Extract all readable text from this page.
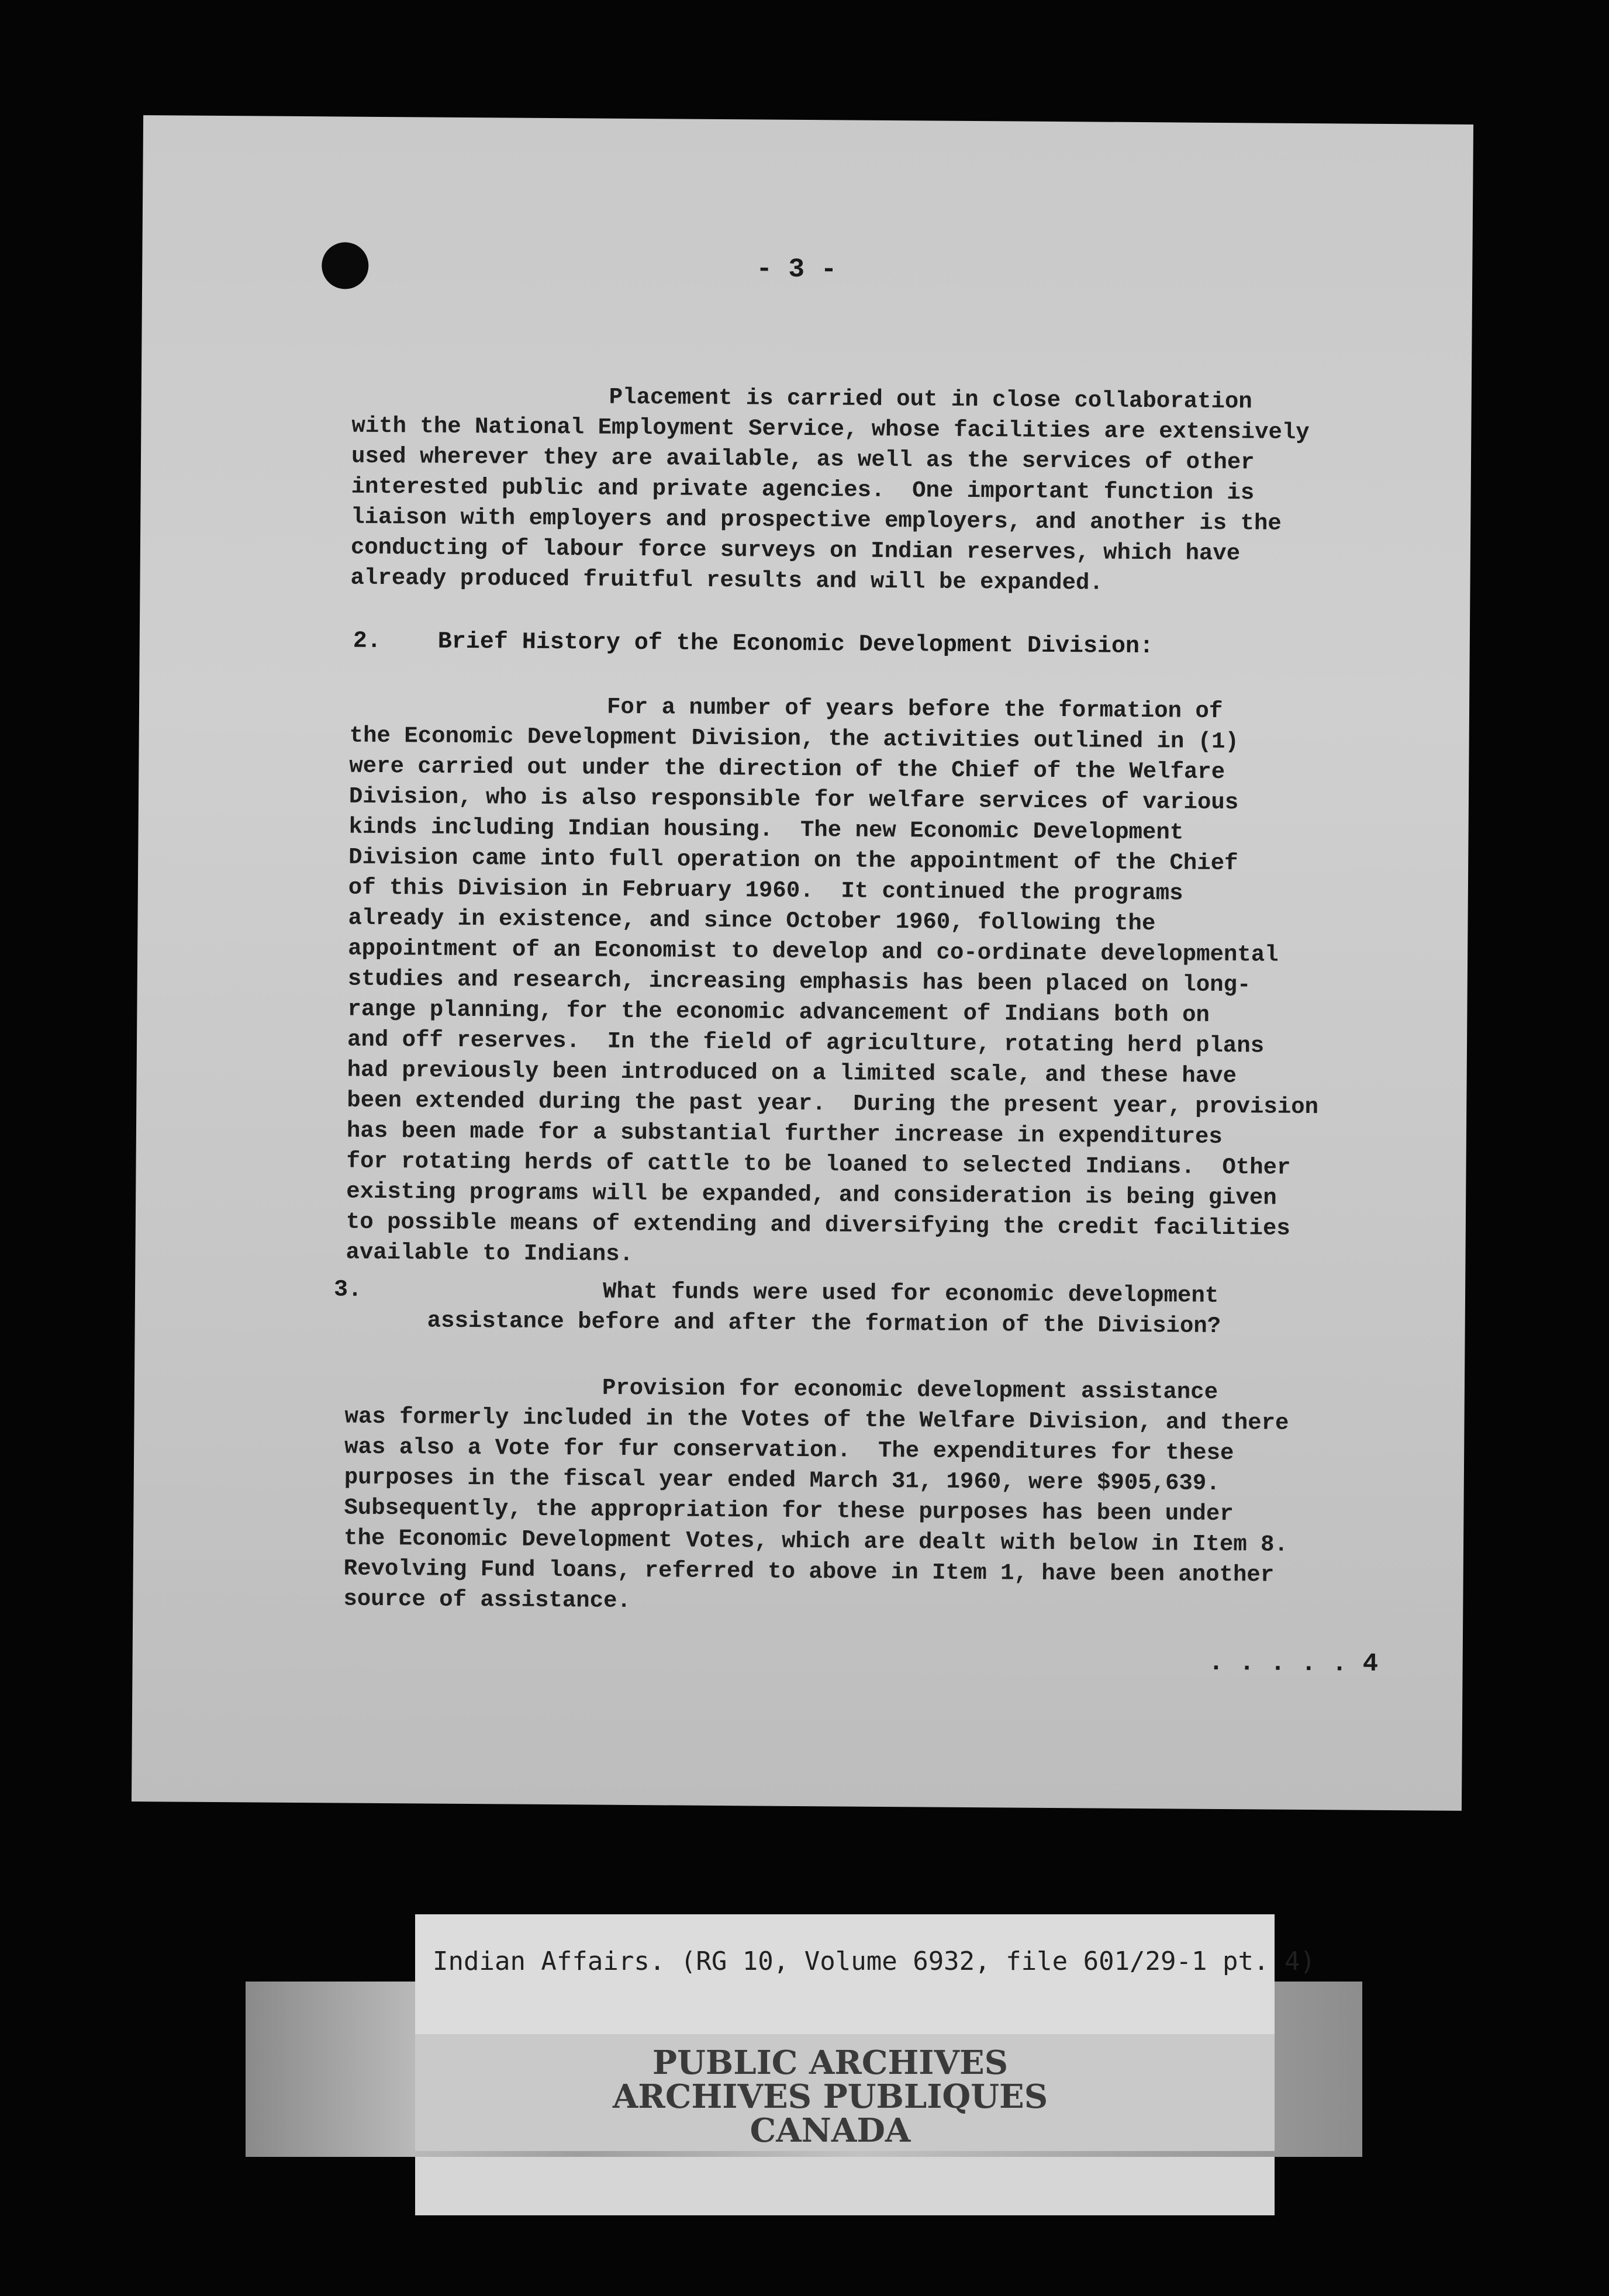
- 3 -
Placement is carried out in close collaboration
with the National Employment Service, whose facilities are extensively
used wherever they are available, as well as the services of other
interested public and private agencies.  One important function is
liaison with employers and prospective employers, and another is the
conducting of labour force surveys on Indian reserves, which have
already produced fruitful results and will be expanded.
2. Brief History of the Economic Development Division:
For a number of years before the formation of
the Economic Development Division, the activities outlined in (1)
were carried out under the direction of the Chief of the Welfare
Division, who is also responsible for welfare services of various
kinds including Indian housing.  The new Economic Development
Division came into full operation on the appointment of the Chief
of this Division in February 1960.  It continued the programs
already in existence, and since October 1960, following the
appointment of an Economist to develop and co-ordinate developmental
studies and research, increasing emphasis has been placed on long-
range planning, for the economic advancement of Indians both on
and off reserves.  In the field of agriculture, rotating herd plans
had previously been introduced on a limited scale, and these have
been extended during the past year.  During the present year, provision
has been made for a substantial further increase in expenditures
for rotating herds of cattle to be loaned to selected Indians.  Other
existing programs will be expanded, and consideration is being given
to possible means of extending and diversifying the credit facilities
available to Indians.
3.	What funds were used for economic development
assistance before and after the formation of the Division?
Provision for economic development assistance
was formerly included in the Votes of the Welfare Division, and there
was also a Vote for fur conservation.  The expenditures for these
purposes in the fiscal year ended March 31, 1960, were $905,639.
Subsequently, the appropriation for these purposes has been under
the Economic Development Votes, which are dealt with below in Item 8.
Revolving Fund loans, referred to above in Item 1, have been another
source of assistance.
. . . . . 4
Indian Affairs. (RG 10, Volume 6932, file 601/29-1 pt. 4)
PUBLIC ARCHIVES
ARCHIVES PUBLIQUES
CANADA
